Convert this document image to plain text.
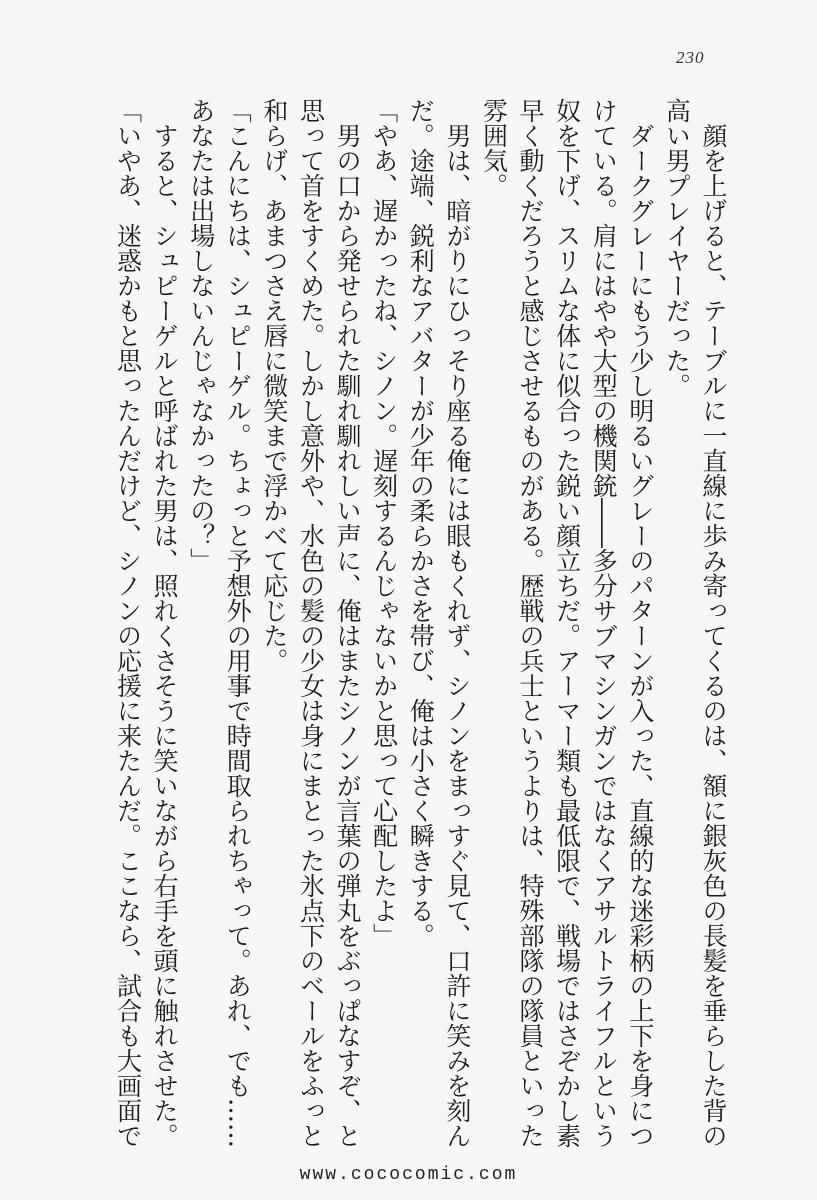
230
顔を上げると、テーブルに一直線に歩み寄ってくるのは、額に銀灰色の長髪を垂らした背の
高い男プレイヤーだった。
ダークグレーにもう少し明るいグレーのパターンが入った、直線的な迷彩柄の上下を身につ
けている。肩にはやや大型の機関銃――多分サブマシンガンではなくアサルトライフルという
奴を下げ、スリムな体に似合った鋭い顔立ちだ。アーマー類も最低限で、戦場ではさぞかし素
早く動くだろうと感じさせるものがある。歴戦の兵士というよりは、特殊部隊の隊員といった
雰囲気。
男は、暗がりにひっそり座る俺には眼もくれず、シノンをまっすぐ見て、口許に笑みを刻ん
だ。途端、鋭利なアバターが少年の柔らかさを帯び、俺は小さく瞬きする。
「やあ、遅かったね、シノン。遅刻するんじゃないかと思って心配したよ」
男の口から発せられた馴れ馴れしい声に、俺はまたシノンが言葉の弾丸をぶっぱなすぞ、と
思って首をすくめた。しかし意外や、水色の髪の少女は身にまとった氷点下のベールをふっと
和らげ、あまつさえ唇に微笑まで浮かべて応じた。
「こんにちは、シュピーゲル。ちょっと予想外の用事で時間取られちゃって。あれ、でも……
あなたは出場しないんじゃなかったの？」
すると、シュピーゲルと呼ばれた男は、照れくさそうに笑いながら右手を頭に触れさせた。
「いやあ、迷惑かもと思ったんだけど、シノンの応援に来たんだ。ここなら、試合も大画面で
www.cococomic.com
